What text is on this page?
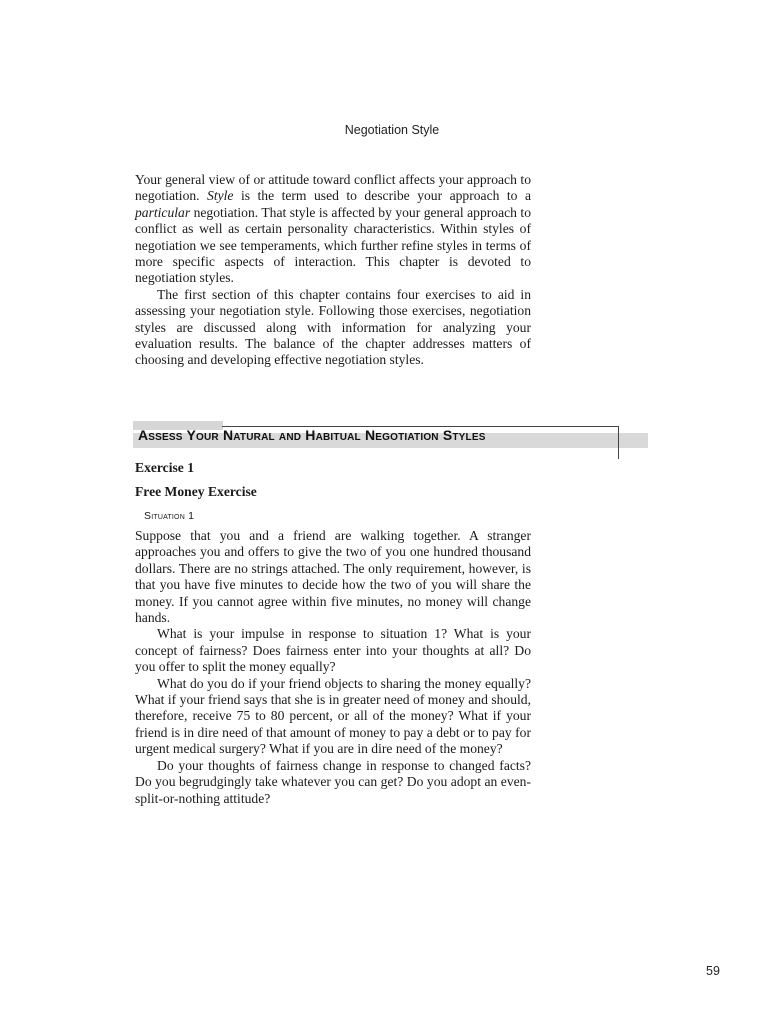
Negotiation Style

Your general view of or attitude toward conflict affects your approach to negotiation. Style is the term used to describe your approach to a particular negotiation. That style is affected by your general approach to conflict as well as certain personality characteristics. Within styles of negotiation we see temperaments, which further refine styles in terms of more specific aspects of interaction. This chapter is devoted to negotiation styles.

The first section of this chapter contains four exercises to aid in assessing your negotiation style. Following those exercises, negotiation styles are discussed along with information for analyzing your evaluation results. The balance of the chapter addresses matters of choosing and developing effective negotiation styles.

Assess Your Natural and Habitual Negotiation Styles
Exercise 1
Free Money Exercise
Situation 1

Suppose that you and a friend are walking together. A stranger approaches you and offers to give the two of you one hundred thousand dollars. There are no strings attached. The only requirement, however, is that you have five minutes to decide how the two of you will share the money. If you cannot agree within five minutes, no money will change hands.

What is your impulse in response to situation 1? What is your concept of fairness? Does fairness enter into your thoughts at all? Do you offer to split the money equally?

What do you do if your friend objects to sharing the money equally? What if your friend says that she is in greater need of money and should, therefore, receive 75 to 80 percent, or all of the money? What if your friend is in dire need of that amount of money to pay a debt or to pay for urgent medical surgery? What if you are in dire need of the money?

Do your thoughts of fairness change in response to changed facts? Do you begrudgingly take whatever you can get? Do you adopt an even-split-or-nothing attitude?

59
